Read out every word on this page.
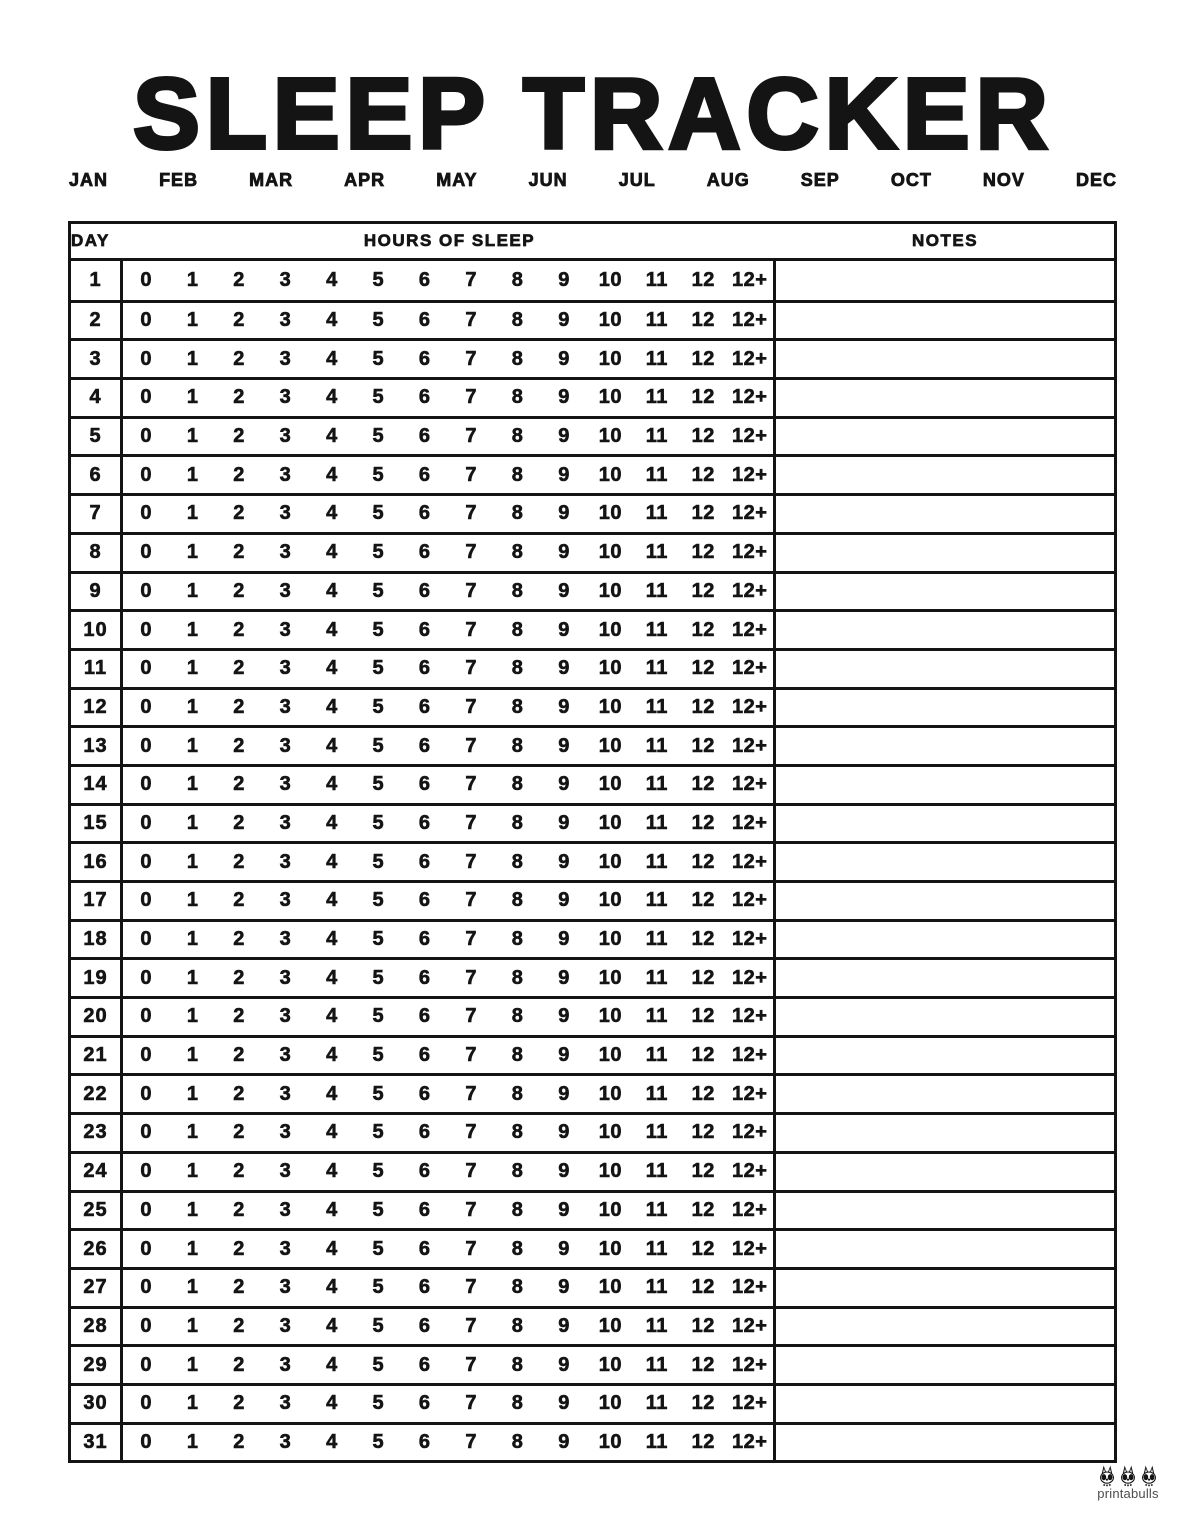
SLEEP TRACKER
JAN	FEB	MAR	APR	MAY	JUN	JUL	AUG	SEP	OCT	NOV	DEC
DAY	HOURS OF SLEEP	NOTES
1	0	1	2	3	4	5	6	7	8	9	10	11	12 12+
2	0	1	2	3	4	5	6	7	8	9	10	11	12 12+
3	0	1	2	3	4	5	6	7	8	9	10	11	12 12+
4	0	1	2	3	4	5	6	7	8	9	10	11	12 12+
5	0	1	2	3	4	5	6	7	8	9	10	11	12 12+
6	0	1	2	3	4	5	6	7	8	9	10	11	12 12+
7	0	1	2	3	4	5	6	7	8	9	10	11	12 12+
8	0	1	2	3	4	5	6	7	8	9	10	11	12 12+
9	0	1	2	3	4	5	6	7	8	9	10	11	12 12+
10	0	1	2	3	4	5	6	7	8	9	10	11	12 12+
11	0	1	2	3	4	5	6	7	8	9	10	11	12 12+
12	0	1	2	3	4	5	6	7	8	9	10	11	12 12+
13	0	1	2	3	4	5	6	7	8	9	10	11	12 12+
14	0	1	2	3	4	5	6	7	8	9	10	11	12 12+
15	0	1	2	3	4	5	6	7	8	9	10	11	12 12+
16	0	1	2	3	4	5	6	7	8	9	10	11	12 12+
17	0	1	2	3	4	5	6	7	8	9	10	11	12 12+
18	0	1	2	3	4	5	6	7	8	9	10	11	12 12+
19	0	1	2	3	4	5	6	7	8	9	10	11	12 12+
20	0	1	2	3	4	5	6	7	8	9	10	11	12 12+
21	0	1	2	3	4	5	6	7	8	9	10	11	12 12+
22	0	1	2	3	4	5	6	7	8	9	10	11	12 12+
23	0	1	2	3	4	5	6	7	8	9	10	11	12 12+
24	0	1	2	3	4	5	6	7	8	9	10	11	12 12+
25	0	1	2	3	4	5	6	7	8	9	10	11	12 12+
26	0	1	2	3	4	5	6	7	8	9	10	11	12 12+
27	0	1	2	3	4	5	6	7	8	9	10	11	12 12+
28	0	1	2	3	4	5	6	7	8	9	10	11	12 12+
29	0	1	2	3	4	5	6	7	8	9	10	11	12 12+
30	0	1	2	3	4	5	6	7	8	9	10	11	12 12+
31	0	1	2	3	4	5	6	7	8	9	10	11	12 12+
printabulls
